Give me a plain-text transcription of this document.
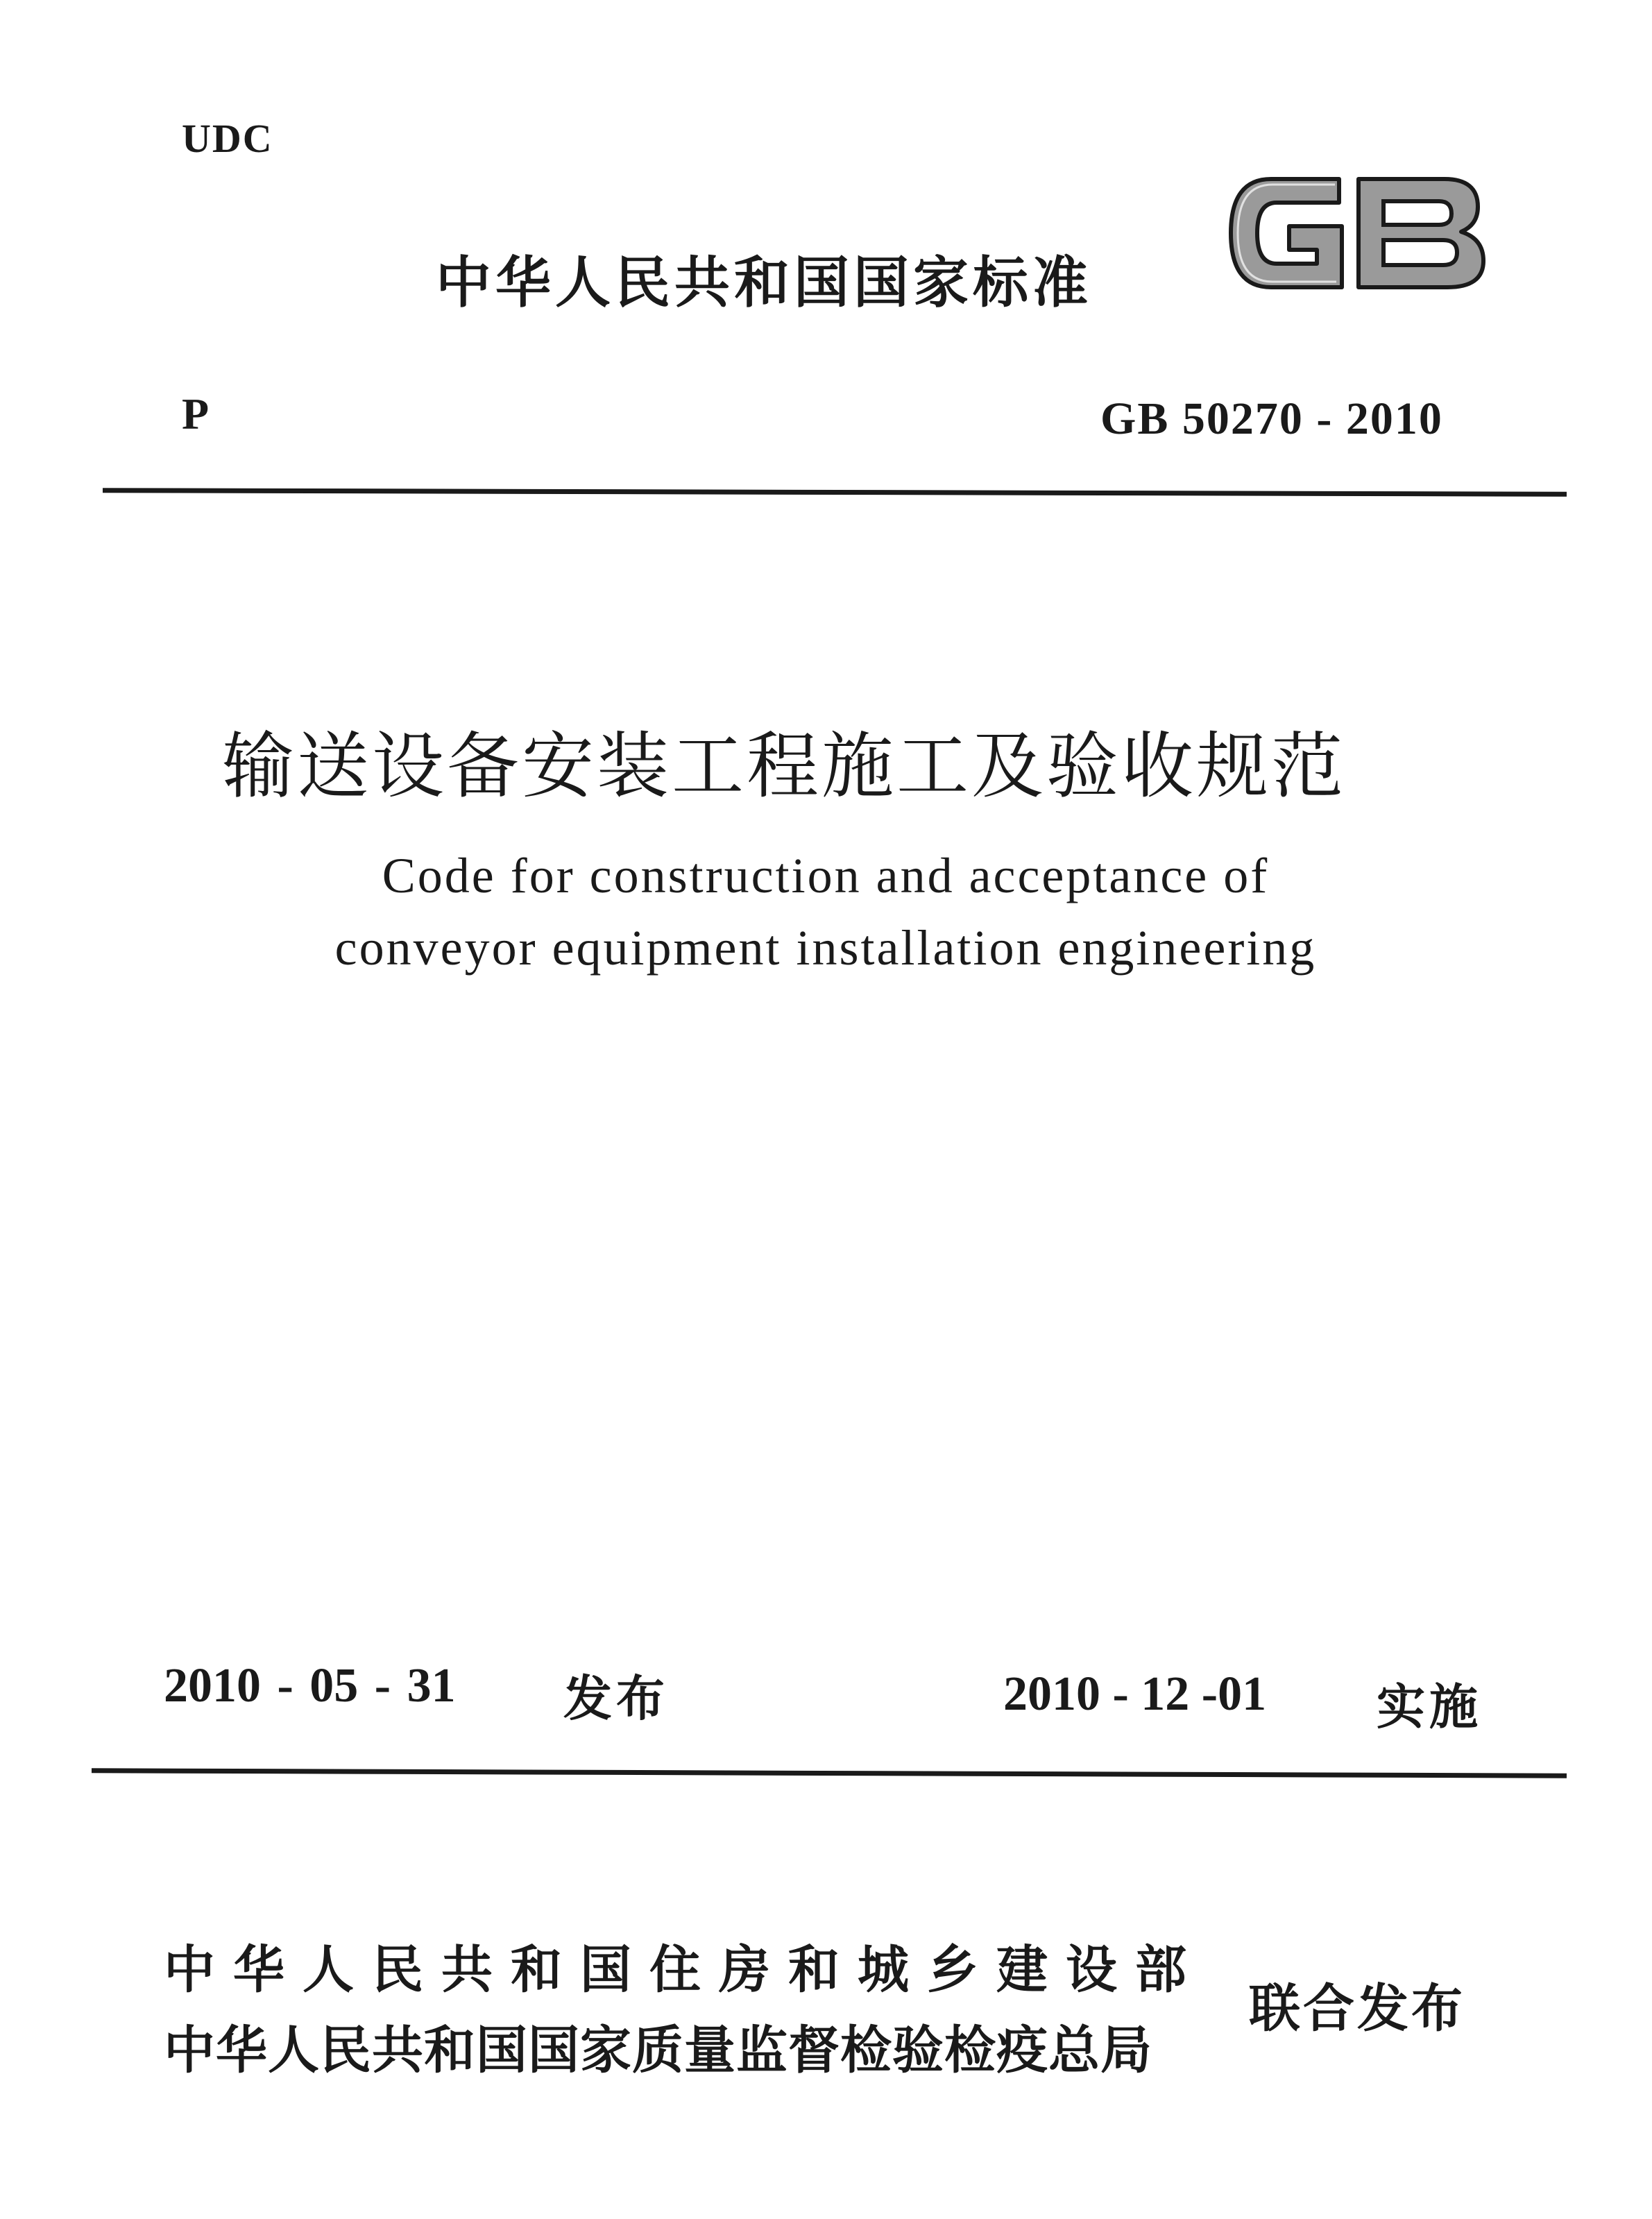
UDC
中华人民共和国国家标准
P	GB 50270 - 2010
输送设备安装工程施工及验收规范
Code for construction and acceptance of
conveyor equipment installation engineering
2010 - 05 - 31 发布	2010 - 12 -01 实施
中华人民共和国住房和城乡建设部
中华人民共和国国家质量监督检验检疫总局
联合发布
